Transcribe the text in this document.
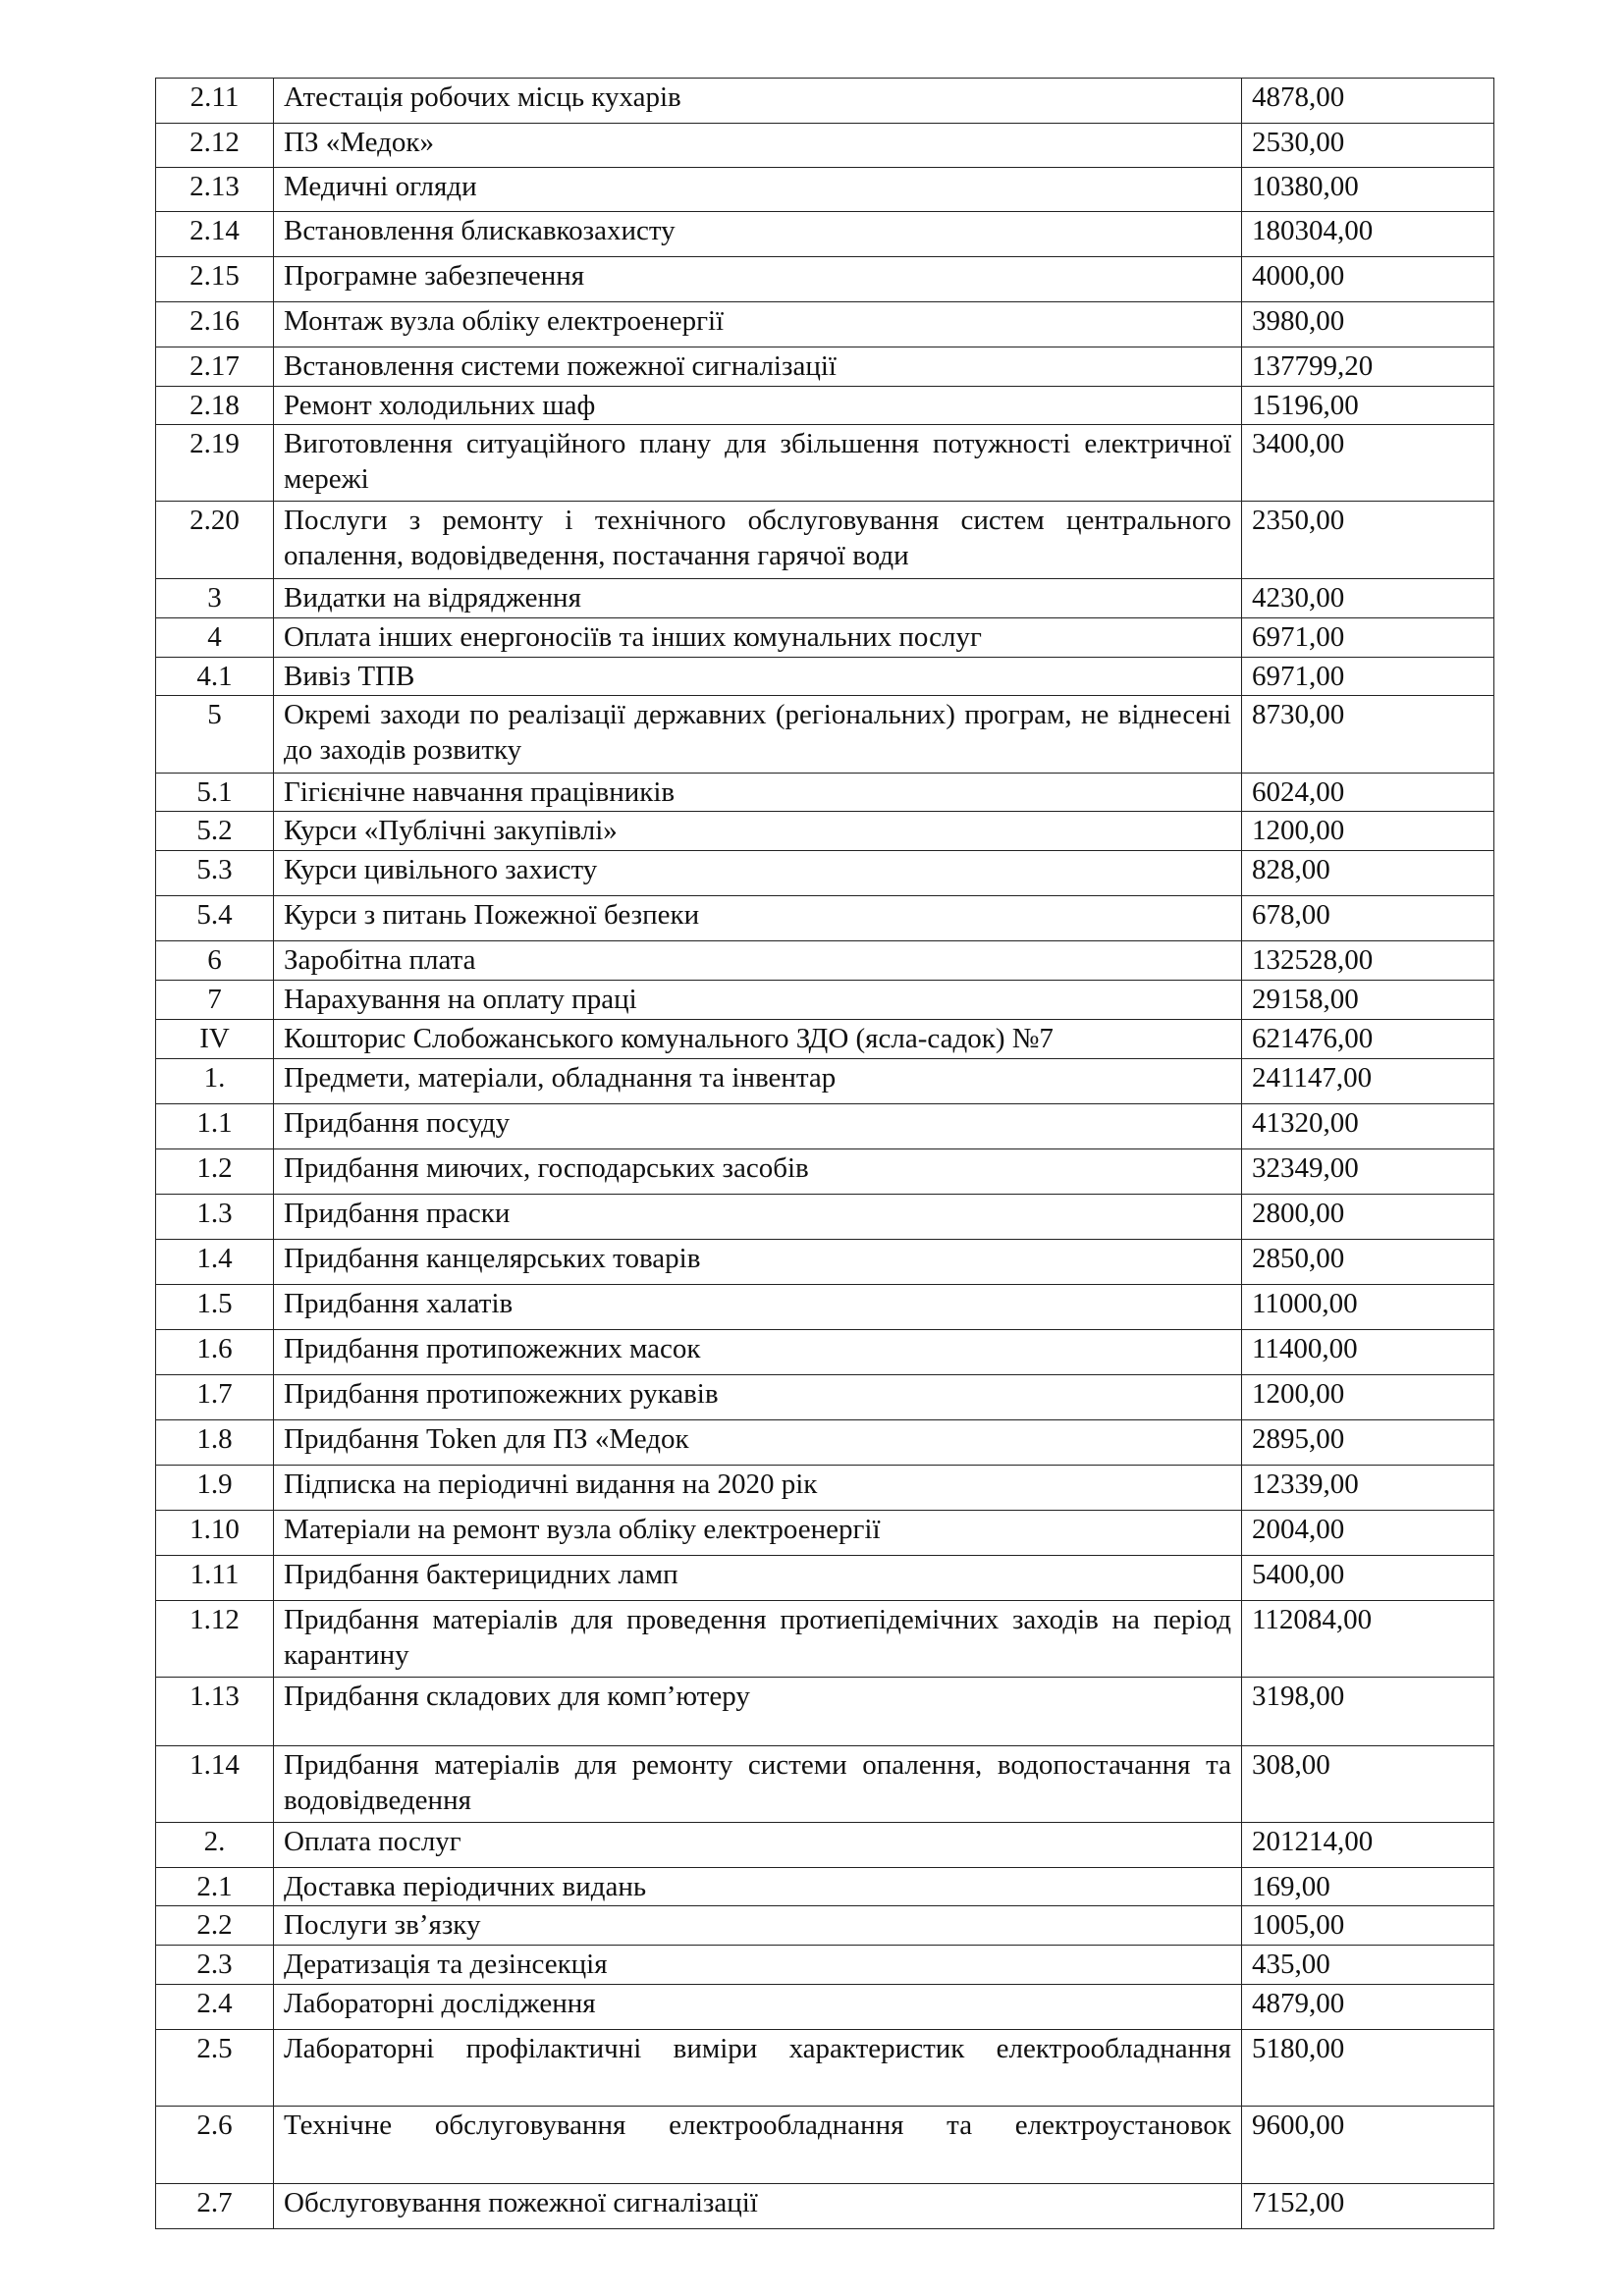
2.11	Атестація робочих місць кухарів	4878,00
2.12	ПЗ «Медок»	2530,00
2.13	Медичні огляди	10380,00
2.14	Встановлення блискавкозахисту	180304,00
2.15	Програмне забезпечення	4000,00
2.16	Монтаж вузла обліку електроенергії	3980,00
2.17	Встановлення системи пожежної сигналізації	137799,20
2.18	Ремонт холодильних шаф	15196,00
2.19	Виготовлення ситуаційного плану для збільшення потужності електричної мережі	3400,00
2.20	Послуги з ремонту і технічного обслуговування систем центрального опалення, водовідведення, постачання гарячої води	2350,00
3	Видатки на відрядження	4230,00
4	Оплата інших енергоносіїв та інших комунальних послуг	6971,00
4.1	Вивіз ТПВ	6971,00
5	Окремі заходи по реалізації державних (регіональних) програм, не віднесені до заходів розвитку	8730,00
5.1	Гігієнічне навчання працівників	6024,00
5.2	Курси «Публічні закупівлі»	1200,00
5.3	Курси цивільного захисту	828,00
5.4	Курси з питань Пожежної безпеки	678,00
6	Заробітна плата	132528,00
7	Нарахування на оплату праці	29158,00
IV	Кошторис Слобожанського комунального ЗДО (ясла-садок) №7	621476,00
1.	Предмети, матеріали, обладнання та інвентар	241147,00
1.1	Придбання посуду	41320,00
1.2	Придбання миючих, господарських засобів	32349,00
1.3	Придбання праски	2800,00
1.4	Придбання канцелярських товарів	2850,00
1.5	Придбання халатів	11000,00
1.6	Придбання протипожежних масок	11400,00
1.7	Придбання протипожежних рукавів	1200,00
1.8	Придбання Token для ПЗ «Медок	2895,00
1.9	Підписка на періодичні видання на 2020 рік	12339,00
1.10	Матеріали на ремонт вузла обліку електроенергії	2004,00
1.11	Придбання бактерицидних ламп	5400,00
1.12	Придбання матеріалів для проведення протиепідемічних заходів на період карантину	112084,00
1.13	Придбання складових для комп’ютеру	3198,00
1.14	Придбання матеріалів для ремонту системи опалення, водопостачання та водовідведення	308,00
2.	Оплата послуг	201214,00
2.1	Доставка періодичних видань	169,00
2.2	Послуги зв’язку	1005,00
2.3	Дератизація та дезінсекція	435,00
2.4	Лабораторні дослідження	4879,00
2.5	Лабораторні профілактичні виміри характеристик електрообладнання	5180,00
2.6	Технічне обслуговування електрообладнання та електроустановок	9600,00
2.7	Обслуговування пожежної сигналізації	7152,00
